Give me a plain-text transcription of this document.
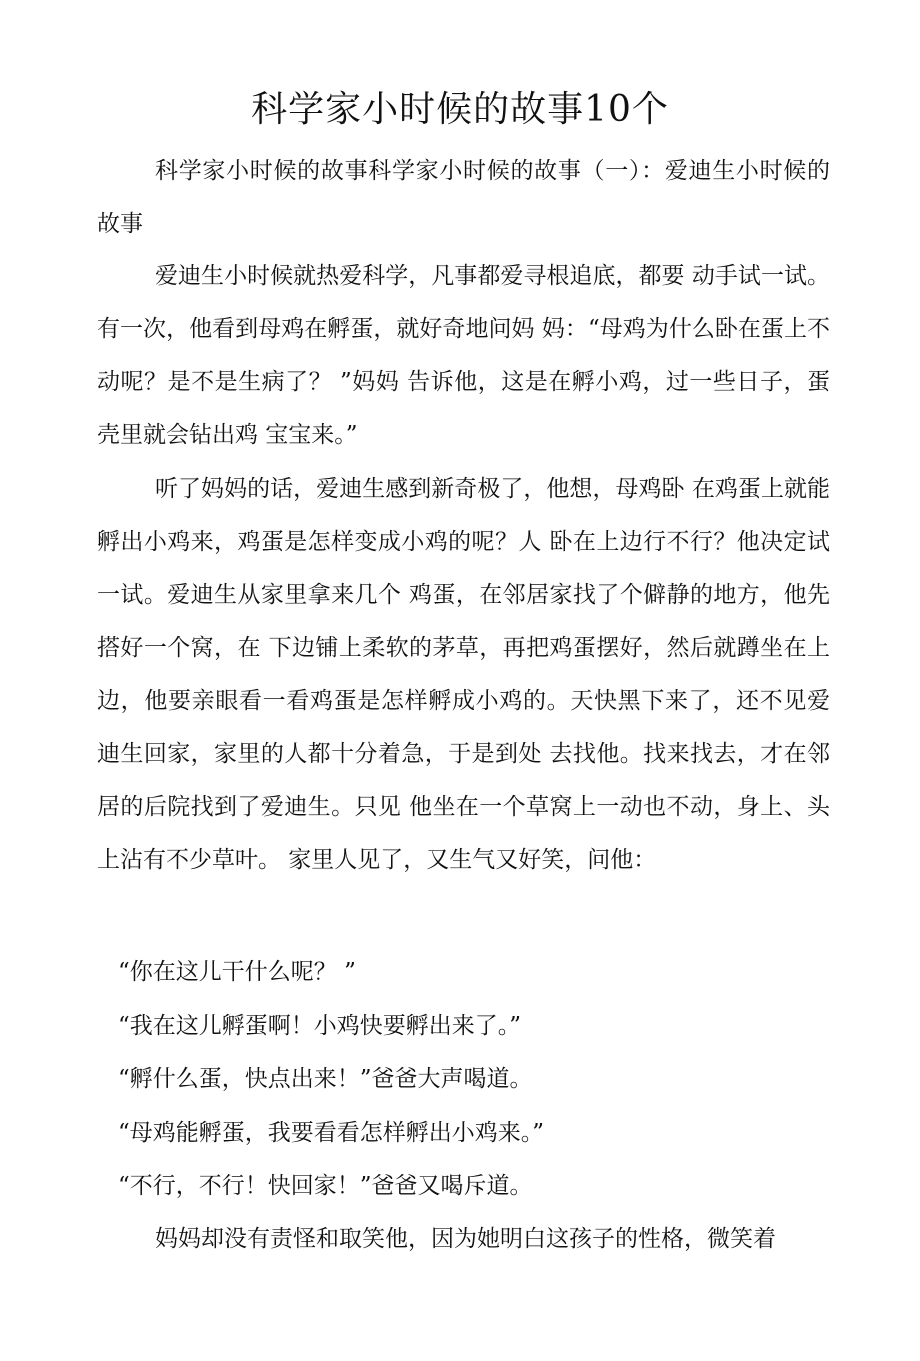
科学家小时候的故事10个

科学家小时候的故事科学家小时候的故事（一）：爱迪生小时候的故事

爱迪生小时候就热爱科学，凡事都爱寻根追底，都要 动手试一试。有一次，他看到母鸡在孵蛋，就好奇地问妈 妈：“母鸡为什么卧在蛋上不动呢？是不是生病了？ ”妈妈 告诉他，这是在孵小鸡，过一些日子，蛋壳里就会钻出鸡 宝宝来。”

听了妈妈的话，爱迪生感到新奇极了，他想，母鸡卧 在鸡蛋上就能孵出小鸡来，鸡蛋是怎样变成小鸡的呢？人 卧在上边行不行？他决定试一试。爱迪生从家里拿来几个 鸡蛋，在邻居家找了个僻静的地方，他先搭好一个窝，在 下边铺上柔软的茅草，再把鸡蛋摆好，然后就蹲坐在上 边，他要亲眼看一看鸡蛋是怎样孵成小鸡的。天快黑下来了，还不见爱迪生回家，家里的人都十分着急，于是到处 去找他。找来找去，才在邻居的后院找到了爱迪生。只见 他坐在一个草窝上一动也不动，身上、头上沾有不少草叶。 家里人见了，又生气又好笑，问他：

“你在这儿干什么呢？ ”

“我在这儿孵蛋啊！小鸡快要孵出来了。”

“孵什么蛋，快点出来！”爸爸大声喝道。

“母鸡能孵蛋，我要看看怎样孵出小鸡来。”

“不行，不行！快回家！”爸爸又喝斥道。

妈妈却没有责怪和取笑他，因为她明白这孩子的性格，微笑着
